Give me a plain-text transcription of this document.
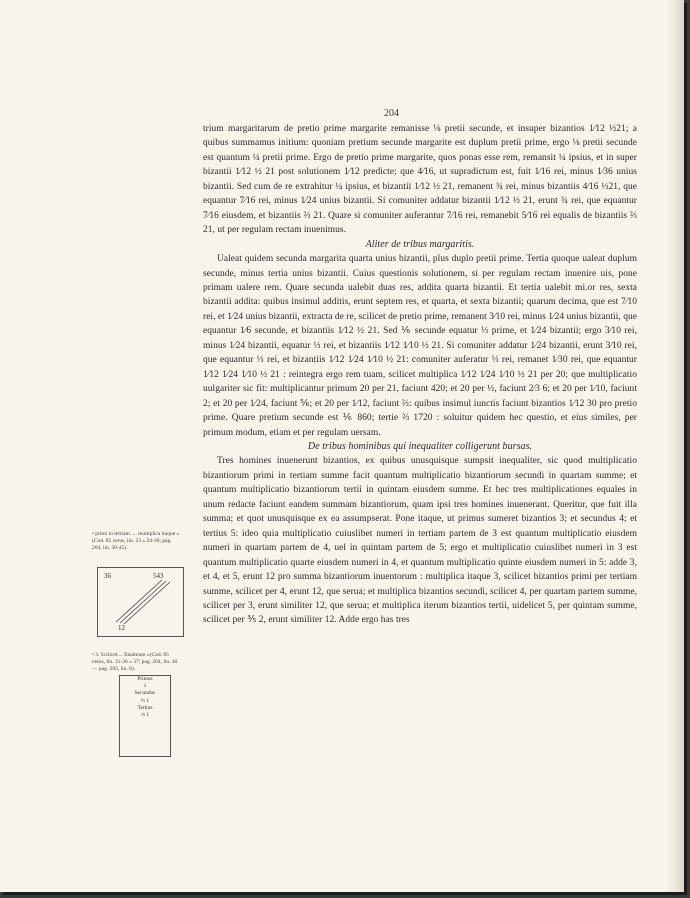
204

trium margaritarum de pretio prime margarite remanisse ⅛ pretii secunde, et insuper bizantios 1⁄12 ½21; a quibus summamus initium: quoniam pretium secunde margarite est duplum pretii prime, ergo ⅛ pretii secunde est quantum ¼ pretii prime. Ergo de pretio prime margarite, quos ponas esse rem, remansit ¼ ipsius, et in super bizantii 1⁄12 ½ 21 post solutionem 1⁄12 predicte; que 4⁄16, ut supradictum est, fuit 1⁄16 rei, minus 1⁄36 unius bizantii. Sed cum de re extrahitur ¼ ipsius, et bizantii 1⁄12 ½ 21, remanent ¾ rei, minus bizantiis 4⁄16 ½21, que equantur 7⁄16 rei, minus 1⁄24 unius bizantii. Si comuniter addatur bizantii 1⁄12 ½ 21, erunt ¾ rei, que equantur 7⁄16 eiusdem, et bizantiis ⅔ 21. Quare si comuniter auferantur 7⁄16 rei, remanebit 5⁄16 rei equalis de bizantiis ⅔ 21, ut per regulam rectam inuenimus.

Aliter de tribus margaritis.

Ualeat quidem secunda margarita quarta unius bizantii, plus duplo pretii prime. Tertia quoque ualeat duplum secunde, minus tertia unius bizantii. Cuius questionis solutionem, si per regulam rectam inuenire uis, pone primam ualere rem. Quare secunda ualebit duas res, addita quarta bizantii. Et tertia ualebit mi.or res, sexta bizantii addita: quibus insimul additis, erunt septem res, et quarta, et sexta bizantii; quarum decima, que est 7⁄10 rei, et 1⁄24 unius bizantii, extracta de re, scilicet de pretio prime, remanent 3⁄10 rei, minus 1⁄24 unius bizantii, que equantur 1⁄6 secunde, et bizantiis 1⁄12 ½ 21. Sed ⅙ secunde equatur ⅓ prime, et 1⁄24 bizantii; ergo 3⁄10 rei, minus 1⁄24 bizantii, equatur ⅓ rei, et bizantiis 1⁄12 1⁄10 ½ 21. Si comuniter addatur 1⁄24 bizantii, erunt 3⁄10 rei, que equantur ⅓ rei, et bizantiis 1⁄12 1⁄24 1⁄10 ½ 21: comuniter auferatur ⅓ rei, remanet 1⁄30 rei, que equantur 1⁄12 1⁄24 1⁄10 ½ 21 : reintegra ergo rem tuam, scilicet multiplica 1⁄12 1⁄24 1⁄10 ½ 21 per 20; que multiplicatio uulgariter sic fit: multiplicantur primum 20 per 21, faciunt 420; et 20 per ½, faciunt 2⁄3 6; et 20 per 1⁄10, faciunt 2; et 20 per 1⁄24, faciunt ⅚; et 20 per 1⁄12, faciunt ⅔: quibus insimul iunctis faciunt bizantios 1⁄12 30 pro pretio prime. Quare pretium secunde est ⅙ 860; tertie ⅔ 1720 : soluitur quidem hec questio, et eius similes, per primum modum, etiam et per regulam uersam.

De tribus hominibus qui inequaliter colligerunt bursas.

Tres homines inuenerunt bizantios, ex quibus unusquisque sumpsit inequaliter, sic quod multiplicatio bizantiorum primi in tertiam summe facit quantum multiplicatio bizantiorum secundi in quartam summe; et quantum multiplicatio bizantiorum tertii in quintam eiusdem summe. Et hec tres multiplicationes equales in unum redacte faciunt eandem summam bizantiorum, quam ipsi tres homines inuenerant. Queritur, que fuit illa summa; et quot unusquisque ex ea assumpserat. Pone itaque, ut primus sumeret bizantios 3; et secundus 4; et tertius 5: ideo quia multiplicatio cuiuslibet numeri in tertiam partem de 3 est quantum multiplicatio eiusdem numeri in quartam partem de 4, uel in quintam partem de 5; ergo et multiplicatio cuiuslibet numeri in 3 est quantum multiplicatio quarte eiusdem numeri in 4, et quantum multiplicatio quinte eiusdem numeri in 5: adde 3, et 4, et 5, erunt 12 pro summa bizantiorum inuentorum : multiplica itaque 3, scilicet bizantios primi per tertiam summe, scilicet per 4, erunt 12, que serua; et multiplica bizantios secundi, scilicet 4, per quartam partem summe, scilicet per 3, erunt similiter 12, que serua; et multiplica iterum bizantios tertii, uidelicet 5, per quintam summe, scilicet per ⅗ 2, erunt similiter 12. Adde ergo has tres

• primi in tertiam .... multiplica itaque » (Cod. 85 cerus, lin. 23 » 24-30; pag. 204, lin. 30-45).
36	543
12
• 3. Scilicet.... finalmum »(Cod. 85 cerus, lin. 31-36 » 37; pag. 204, lin. 40 — pag. 205, lin. 6).
Primus
1
Secundus
⅓ 1
Tertius
⅔ 1
